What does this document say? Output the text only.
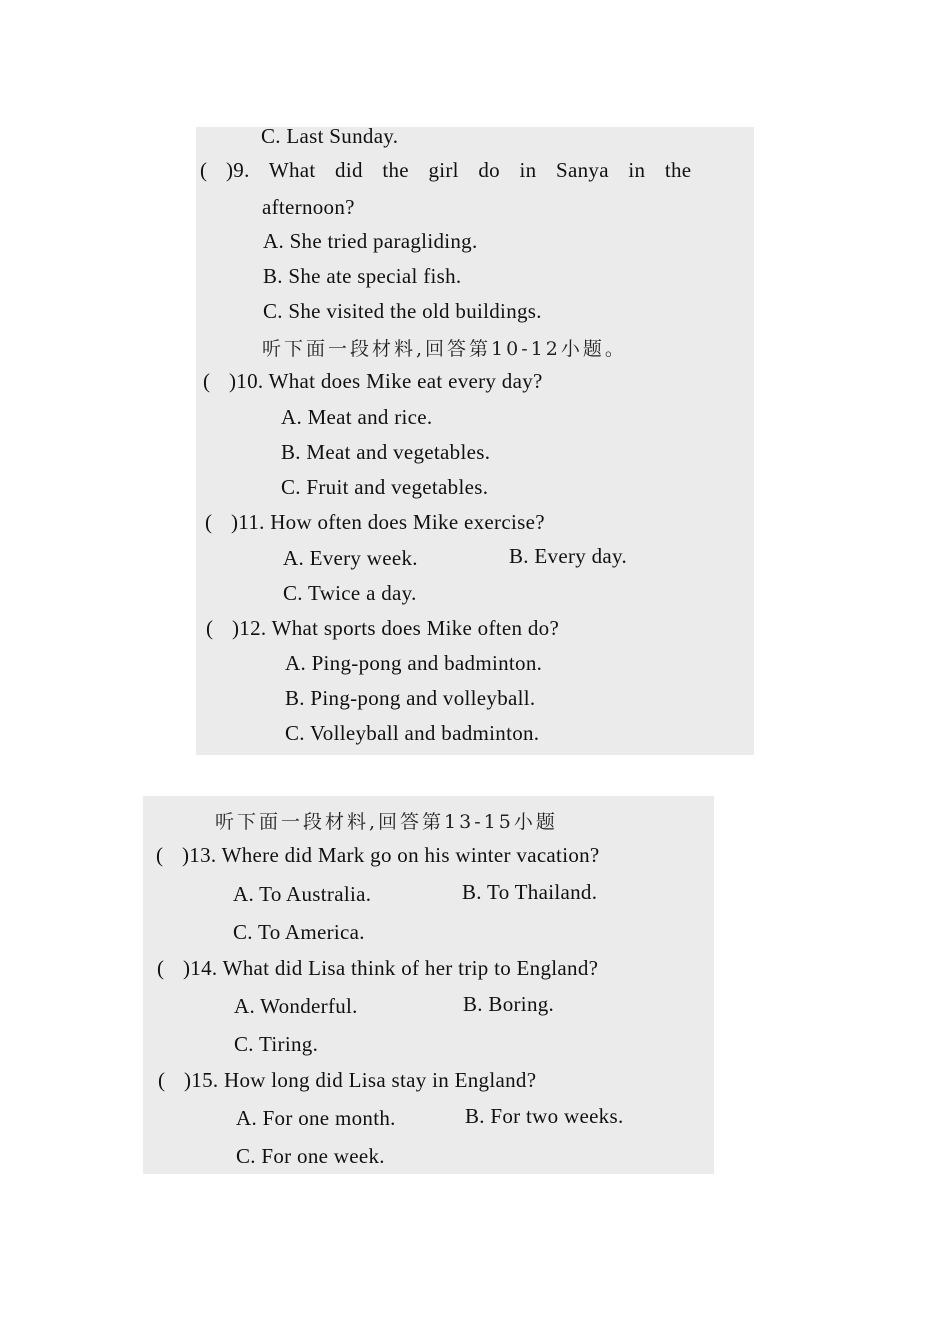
C. Last Sunday.
( )9. What did the girl do in Sanya in the
afternoon?
A. She tried paragliding.
B. She ate special fish.
C. She visited the old buildings.
听下面一段材料,回答第10-12小题。
( )10. What does Mike eat every day?
A. Meat and rice.
B. Meat and vegetables.
C. Fruit and vegetables.
( )11. How often does Mike exercise?
A. Every week.	B. Every day.
C. Twice a day.
( )12. What sports does Mike often do?
A. Ping-pong and badminton.
B. Ping-pong and volleyball.
C. Volleyball and badminton.
听下面一段材料,回答第13-15小题
( )13. Where did Mark go on his winter vacation?
A. To Australia.	B. To Thailand.
C. To America.
( )14. What did Lisa think of her trip to England?
A. Wonderful.	B. Boring.
C. Tiring.
( )15. How long did Lisa stay in England?
A. For one month.	B. For two weeks.
C. For one week.
